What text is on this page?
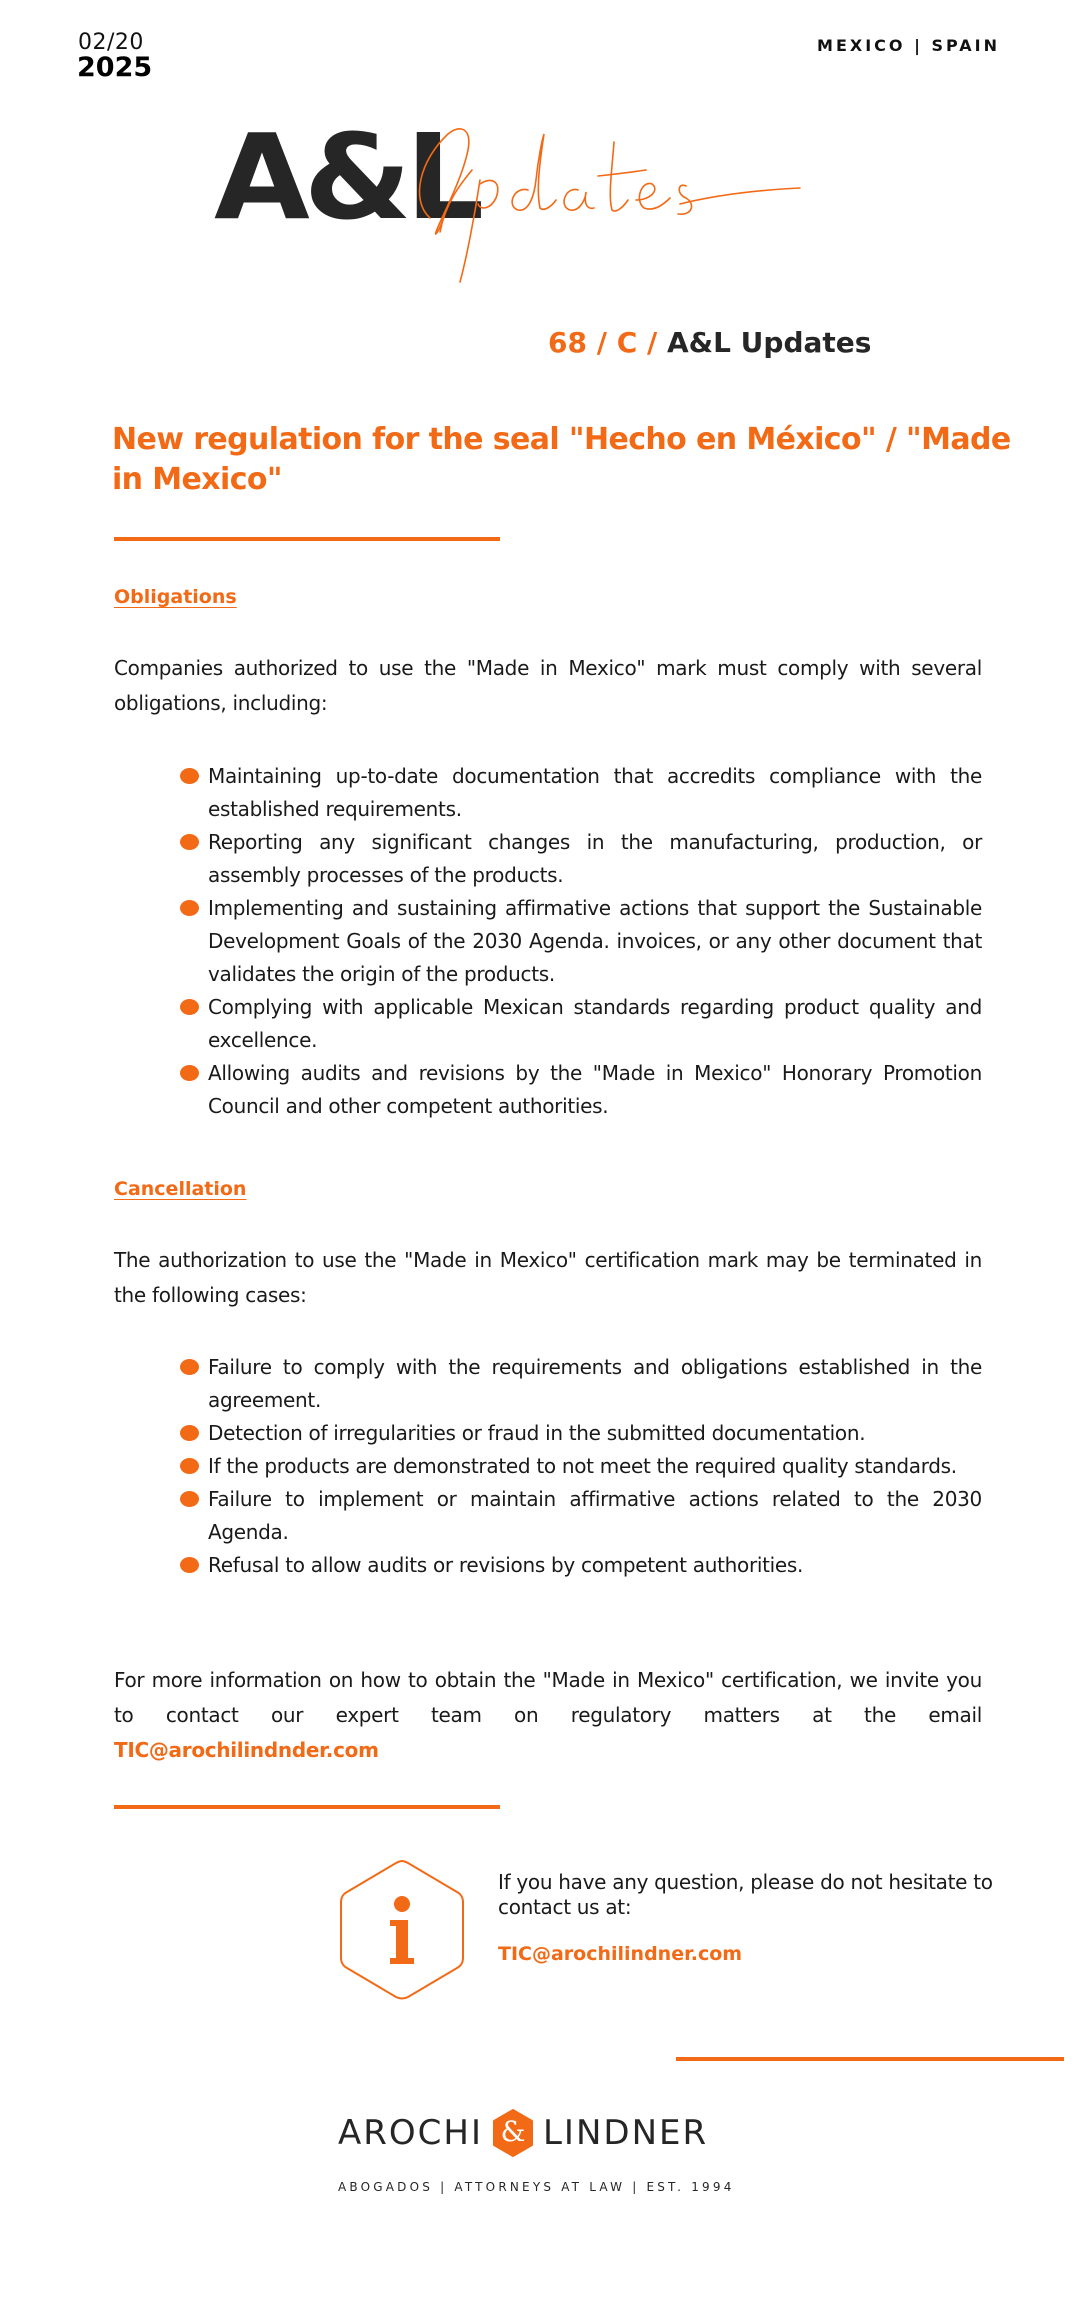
02/20
2025
MEXICO | SPAIN
A&L
68 / C / A&L Updates
New regulation for the seal "Hecho en México" / "Made in Mexico"
Obligations

Companies authorized to use the "Made in Mexico" mark must comply with several obligations, including:

Maintaining up-to-date documentation that accredits compliance with the established requirements.
Reporting any significant changes in the manufacturing, production, or assembly processes of the products.
Implementing and sustaining affirmative actions that support the Sustainable Development Goals of the 2030 Agenda. invoices, or any other document that validates the origin of the products.
Complying with applicable Mexican standards regarding product quality and excellence.
Allowing audits and revisions by the "Made in Mexico" Honorary Promotion Council and other competent authorities.
Cancellation

The authorization to use the "Made in Mexico" certification mark may be terminated in the following cases:

Failure to comply with the requirements and obligations established in the agreement.
Detection of irregularities or fraud in the submitted documentation.
If the products are demonstrated to not meet the required quality standards.
Failure to implement or maintain affirmative actions related to the 2030 Agenda.
Refusal to allow audits or revisions by competent authorities.

For more information on how to obtain the "Made in Mexico" certification, we invite you to contact our expert team on regulatory matters at the email TIC@arochilindnder.com

If you have any question, please do not hesitate to contact us at:
TIC@arochilindner.com
AROCHI & LINDNER
ABOGADOS | ATTORNEYS AT LAW | EST. 1994
